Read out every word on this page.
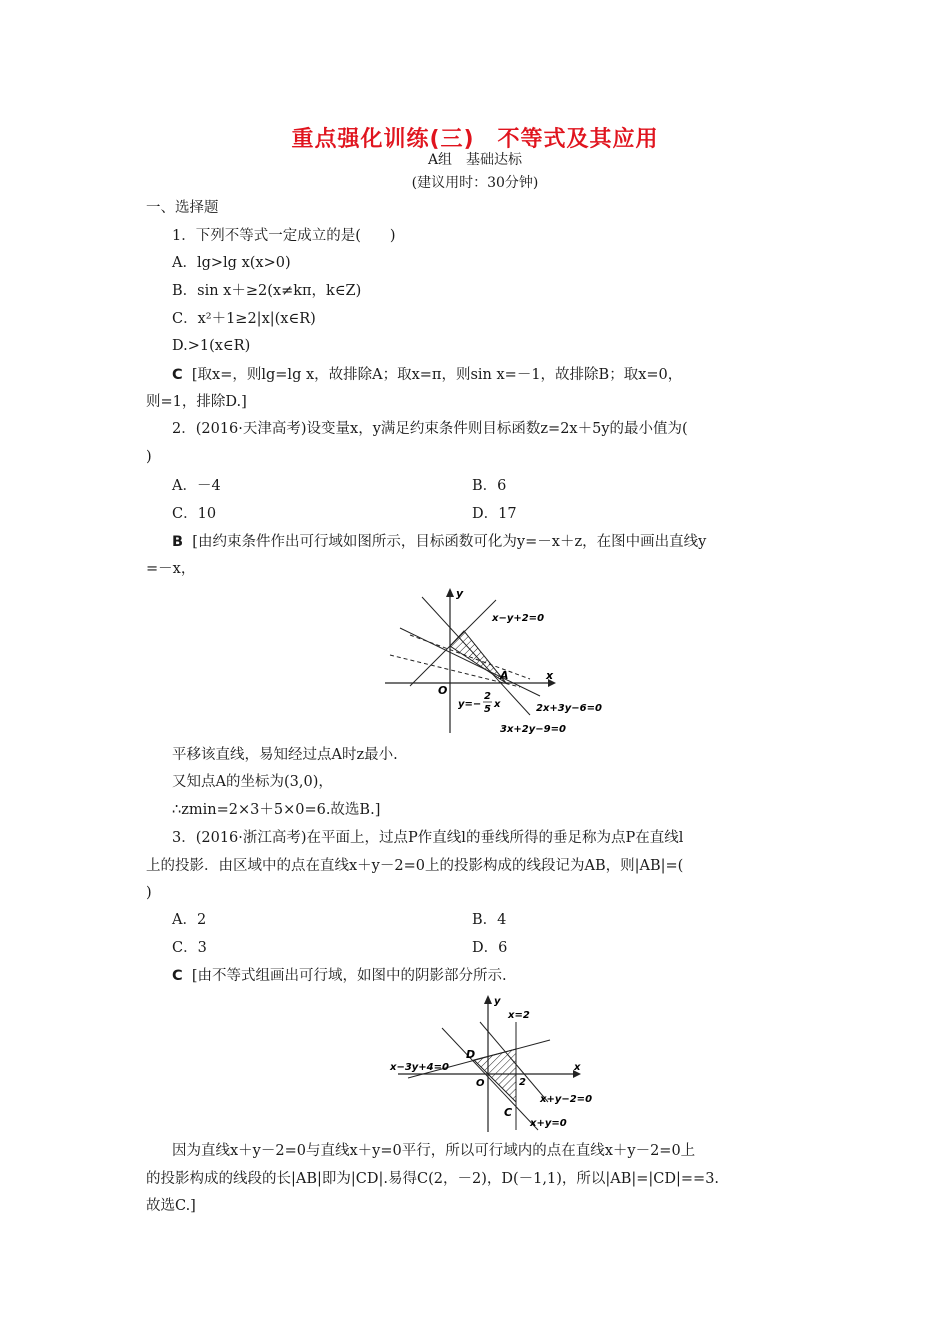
重点强化训练(三)　不等式及其应用
A组　基础达标
(建议用时：30分钟)
一、选择题
1．下列不等式一定成立的是(　　)
A．lg>lg x(x>0)
B．sin x＋≥2(x≠kπ，k∈Z)
C．x²＋1≥2|x|(x∈R)
D.>1(x∈R)
C [取x=，则lg=lg x，故排除A；取x=π，则sin x=－1，故排除B；取x=0，
则=1，排除D.]
2．(2016·天津高考)设变量x，y满足约束条件则目标函数z=2x＋5y的最小值为(
)
A．－4	B．6
C．10	D．17
B [由约束条件作出可行域如图所示，目标函数可化为y=－x＋z，在图中画出直线y
=－x，
y
x
O
A
x−y+2=0
2x+3y−6=0
3x+2y−9=0
y=−
2
5 x
平移该直线，易知经过点A时z最小.
又知点A的坐标为(3,0)，
∴zmin=2×3＋5×0=6.故选B.]
3．(2016·浙江高考)在平面上，过点P作直线l的垂线所得的垂足称为点P在直线l
上的投影．由区域中的点在直线x＋y－2=0上的投影构成的线段记为AB，则|AB|=(
)
A．2	B．4
C．3	D．6
C [由不等式组画出可行域，如图中的阴影部分所示.
y
x
O
D
C
2
x=2
x−3y+4=0
x+y−2=0
x+y=0
因为直线x＋y－2=0与直线x＋y=0平行，所以可行域内的点在直线x＋y－2=0上
的投影构成的线段的长|AB|即为|CD|.易得C(2，－2)，D(－1,1)，所以|AB|=|CD|==3.
故选C.]
